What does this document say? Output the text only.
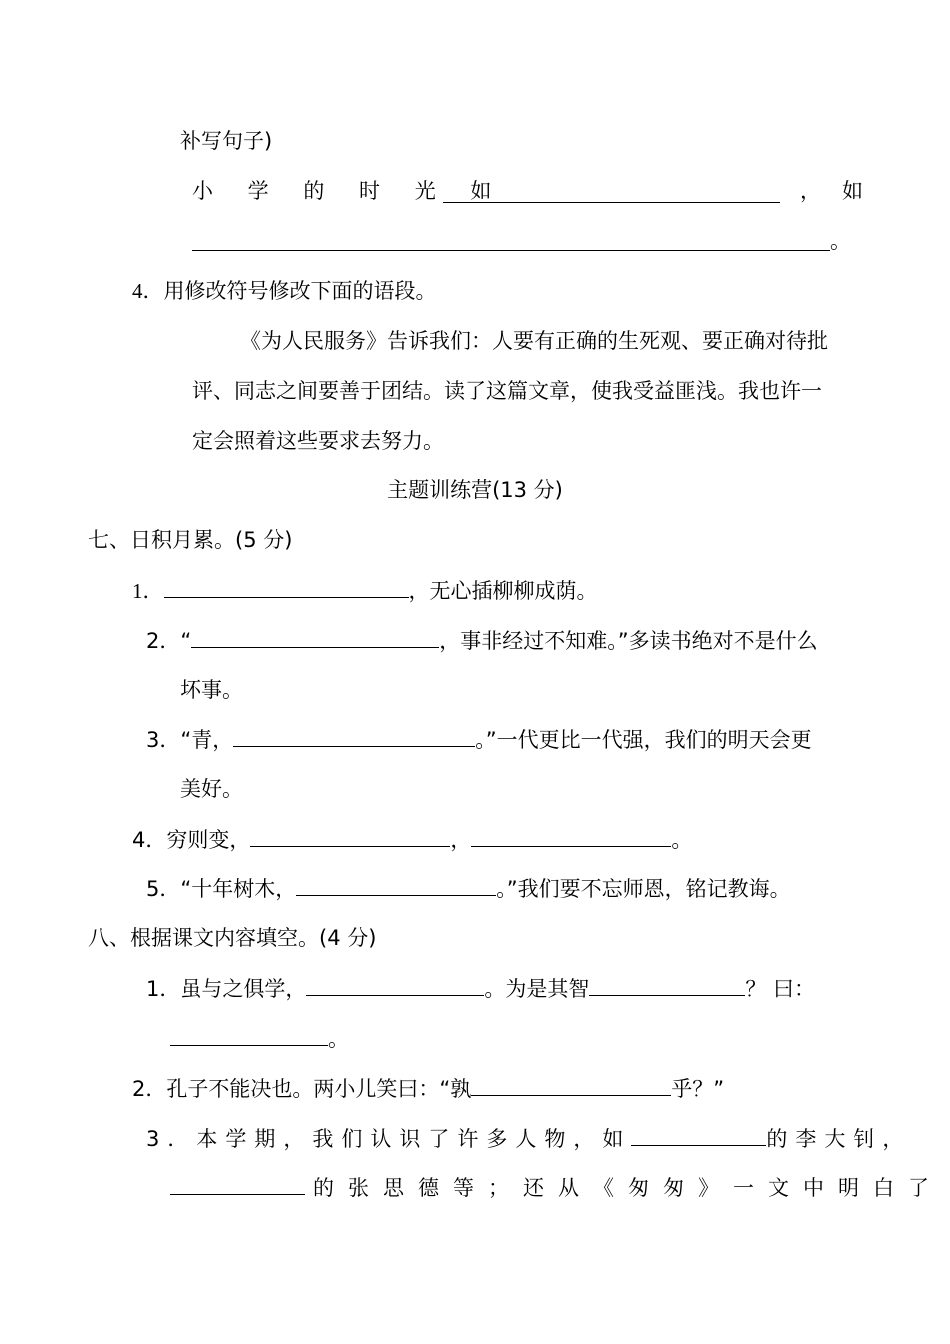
补写句子)
小 学 的 时 光 如	， 如
。
4．用修改符号修改下面的语段。
《为人民服务》告诉我们：人要有正确的生死观、要正确对待批
评、同志之间要善于团结。读了这篇文章，使我受益匪浅。我也许一
定会照着这些要求去努力。
主题训练营(13 分)
七、日积月累。(5 分)
1．	，无心插柳柳成荫。
2．“	，事非经过不知难。”多读书绝对不是什么
坏事。
3．“青，	。”一代更比一代强，我们的明天会更
美好。
4．穷则变，	，	。
5．“十年树木，	。”我们要不忘师恩，铭记教诲。
八、根据课文内容填空。(4 分)
1．虽与之俱学，	。为是其智	？ 曰：
。
2．孔子不能决也。两小儿笑曰：“孰	乎？”
3．本学期，我们认识了许多人物，如	的李大钊，
的张思德等；还从《匆匆》一文中明白了
